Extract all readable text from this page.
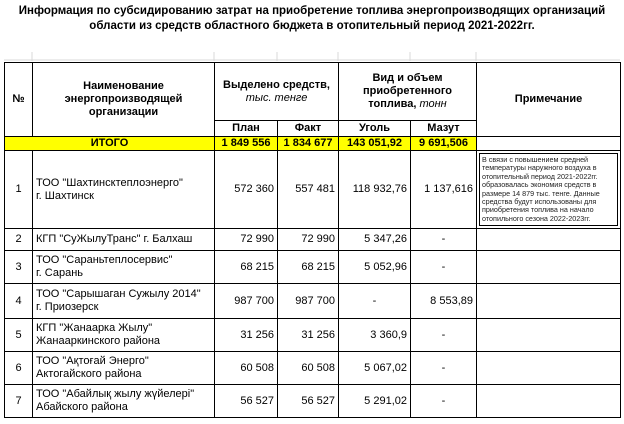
Информация по субсидированию затрат на приобретение топлива энергопроизводящих организаций области из средств областного бюджета в отопительный период 2021-2022гг.
№	Наименование энергопроизводящей организации	Выделено средств,
тыс. тенге		Вид и объем приобретенного топлива, тонн		Примечание
		План	Факт	Уголь	Мазут	
ИТОГО		1 849 556	1 834 677	143 051,92	9 691,506	
1	ТОО "Шахтинсктеплоэнерго"
г. Шахтинск	572 360	557 481	118 932,76	1 137,616	В связи с повышением средней температуры наружного воздуха в отопительный период 2021-2022гг. образовалась экономия средств в размере 14 879 тыс. тенге. Данные средства будут использованы для приобретения топлива на начало отопильного сезона 2022-2023гг.

2	КГП "СуЖылуТранс" г. Балхаш	72 990	72 990	5 347,26	-	
3	ТОО "Сараньтеплосервис"
г. Сарань	68 215	68 215	5 052,96	-	
4	ТОО "Сарышаган Сужылу 2014"
г. Приозерск	987 700	987 700	-	8 553,89	
5	КГП "Жанаарка Жылу"
Жанааркинского района	31 256	31 256	3 360,9	-	
6	ТОО "Ақтоғай Энерго"
Актогайского района	60 508	60 508	5 067,02	-	
7	ТОО "Абайлық жылу жүйелері"
Абайского района	56 527	56 527	5 291,02	-	
